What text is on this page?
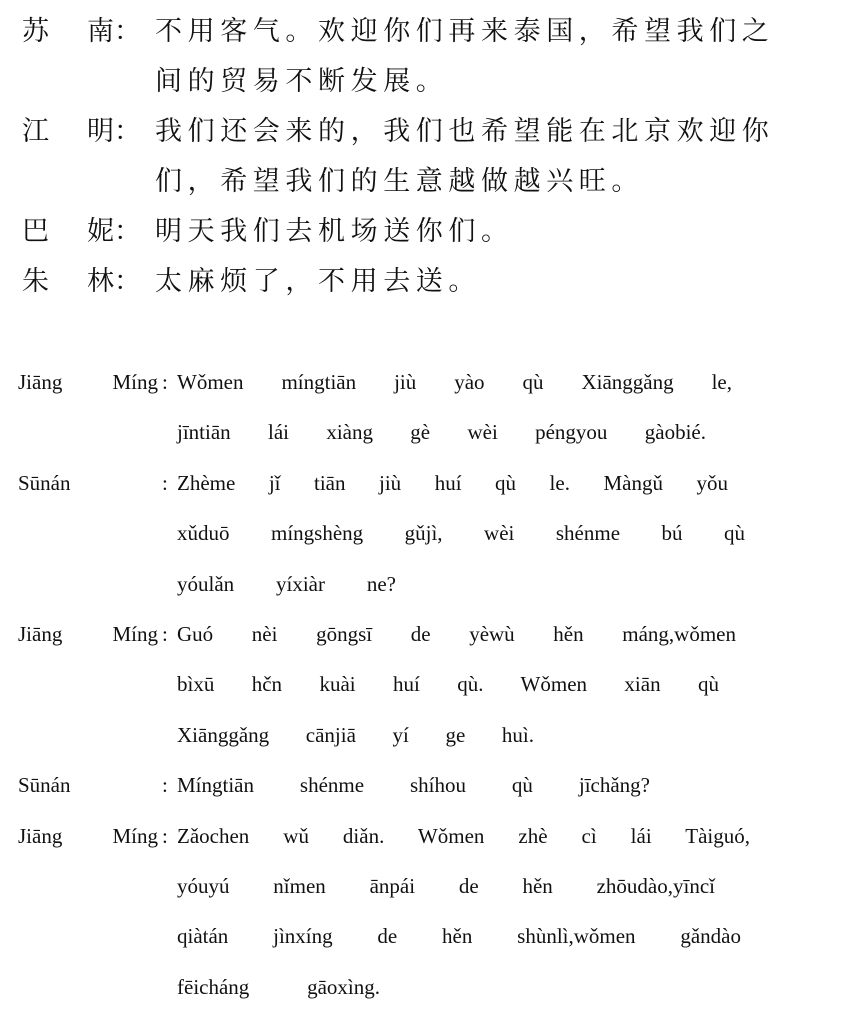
苏 南 ： 不用客气。欢迎你们再来泰国，希望我们之
间的贸易不断发展。
江 明 ： 我们还会来的，我们也希望能在北京欢迎你
们，希望我们的生意越做越兴旺。
巴 妮 ： 明天我们去机场送你们。
朱 林 ： 太麻烦了，不用去送。
Jiāng Míng : Wǒmen míngtiān jiù yào qù Xiānggǎng le,
jīntiān lái xiàng gè wèi péngyou gàobié.
Sūnán	: Zhème jǐ tiān jiù huí qù le. Màngǔ yǒu
xǔduō míngshèng gǔjì, wèi shénme bú qù
yóulǎn yíxiàr ne?
Jiāng Míng : Guó nèi gōngsī de yèwù hěn máng,wǒmen
bìxū hčn kuài huí qù. Wǒmen xiān qù
Xiānggǎng cānjiā yí ge huì.
Sūnán	: Míngtiān shénme shíhou qù jīchǎng?
Jiāng Míng : Zǎochen wǔ diǎn. Wǒmen zhè cì lái Tàiguó,
yóuyú nǐmen ānpái de hěn zhōudào,yīncǐ
qiàtán jìnxíng de hěn shùnlì,wǒmen gǎndào
fēicháng gāoxìng.
